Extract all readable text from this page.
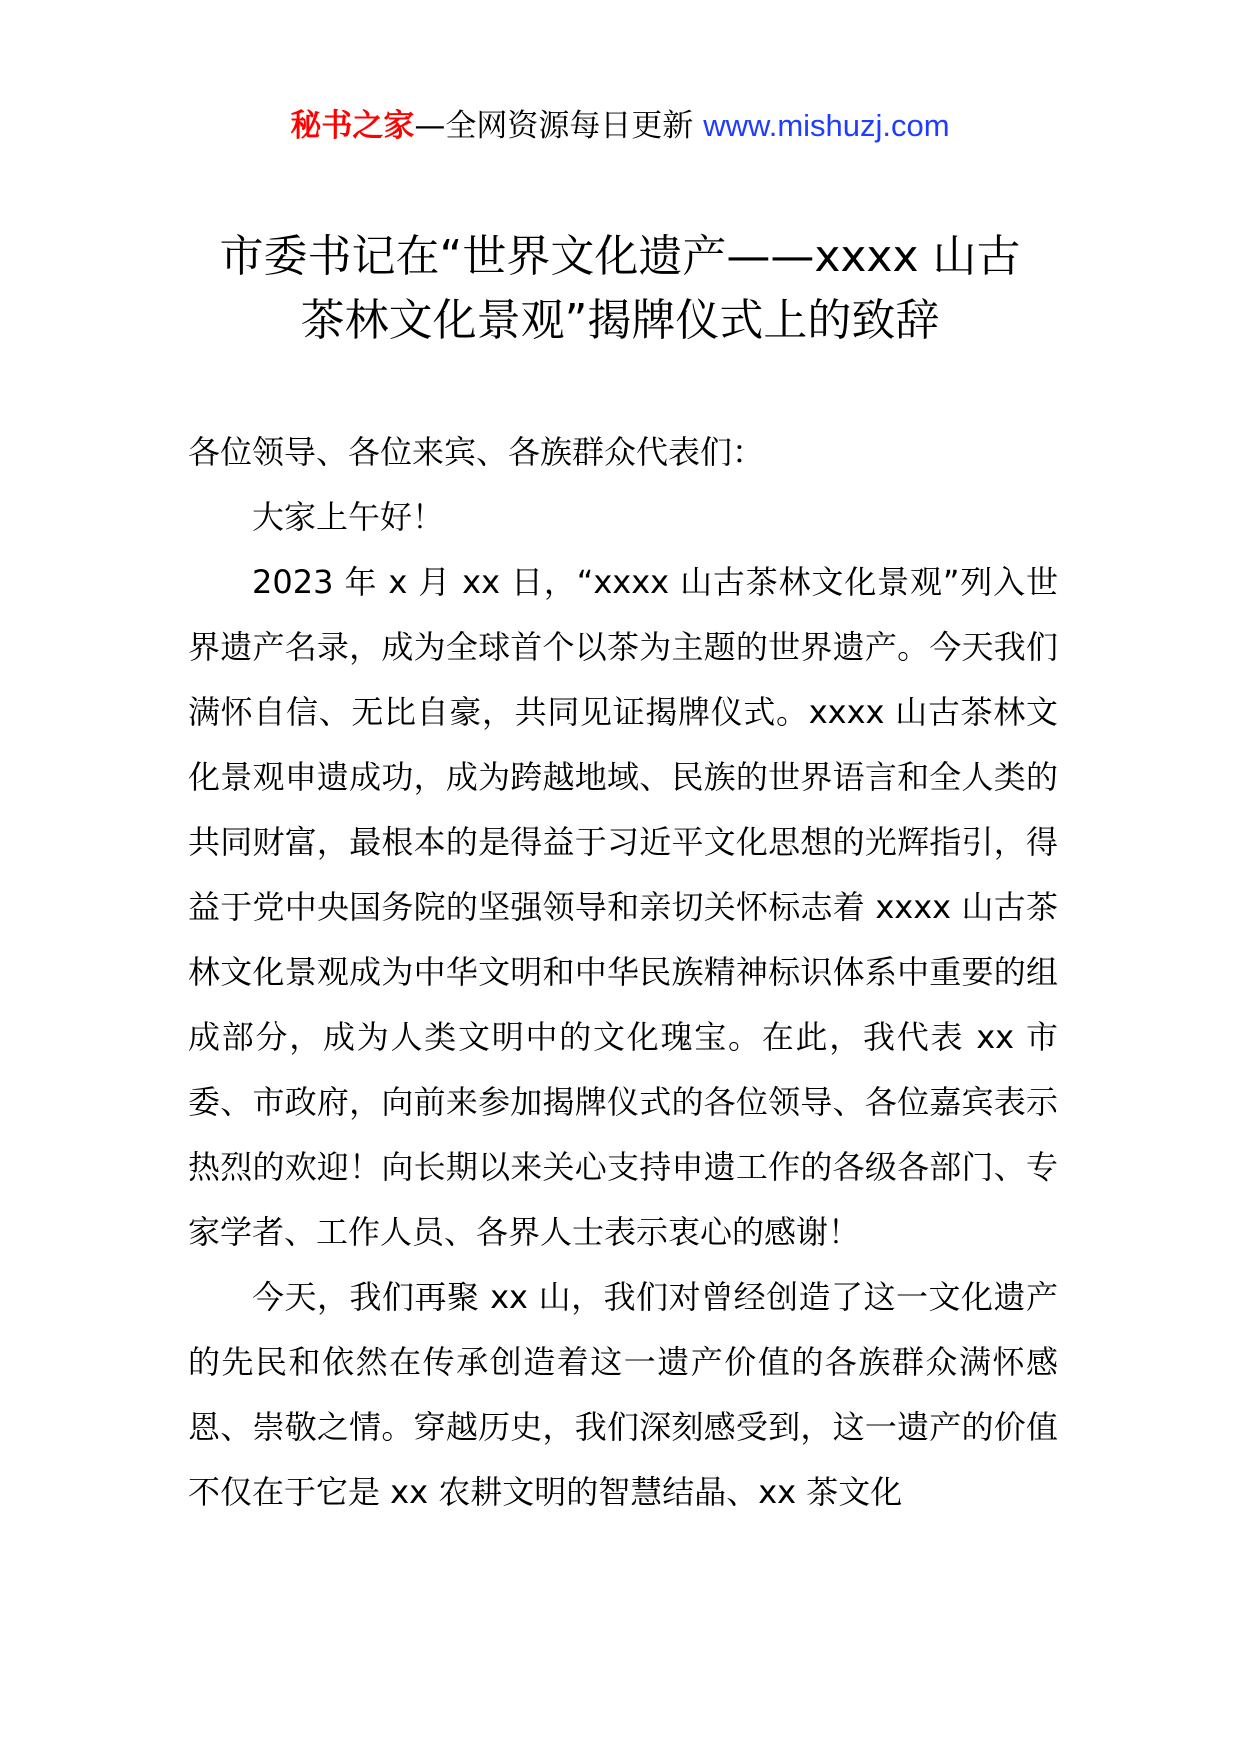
秘书之家—全网资源每日更新 www.mishuzj.com
市委书记在“世界文化遗产——xxxx 山古
茶林文化景观”揭牌仪式上的致辞

各位领导、各位来宾、各族群众代表们：

大家上午好！

2023 年 x 月 xx 日，“xxxx 山古茶林文化景观”列入世界遗产名录，成为全球首个以茶为主题的世界遗产。今天我们满怀自信、无比自豪，共同见证揭牌仪式。xxxx 山古茶林文化景观申遗成功，成为跨越地域、民族的世界语言和全人类的共同财富，最根本的是得益于习近平文化思想的光辉指引，得益于党中央国务院的坚强领导和亲切关怀标志着 xxxx 山古茶林文化景观成为中华文明和中华民族精神标识体系中重要的组成部分，成为人类文明中的文化瑰宝。在此，我代表 xx 市委、市政府，向前来参加揭牌仪式的各位领导、各位嘉宾表示热烈的欢迎！向长期以来关心支持申遗工作的各级各部门、专家学者、工作人员、各界人士表示衷心的感谢！

今天，我们再聚 xx 山，我们对曾经创造了这一文化遗产的先民和依然在传承创造着这一遗产价值的各族群众满怀感恩、崇敬之情。穿越历史，我们深刻感受到，这一遗产的价值不仅在于它是 xx 农耕文明的智慧结晶、xx 茶文化
